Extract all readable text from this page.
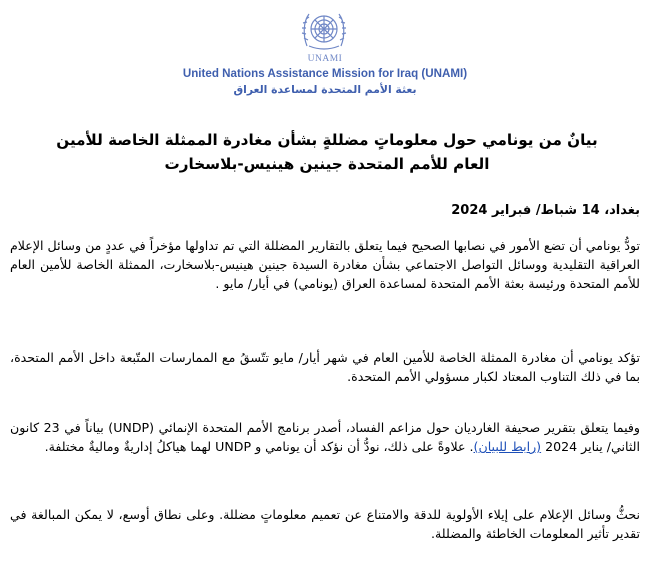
UNAMI
United Nations Assistance Mission for Iraq (UNAMI)
بعثة الأمم المتحدة لمساعدة العراق
بيانٌ من يونامي حول معلوماتٍ مضللةٍ بشأن مغادرة الممثلة الخاصة للأمين العام للأمم المتحدة جينين هينيس-بلاسخارت

بغداد، 14 شباط/ فبراير 2024

تودُّ يونامي أن تضع الأمور في نصابها الصحيح فيما يتعلق بالتقارير المضللة التي تم تداولها مؤخراً في عددٍ من وسائل الإعلام العراقية التقليدية ووسائل التواصل الاجتماعي بشأن مغادرة السيدة جينين هينيس-بلاسخارت، الممثلة الخاصة للأمين العام للأمم المتحدة ورئيسة بعثة الأمم المتحدة لمساعدة العراق (يونامي) في أيار/ مايو .

تؤكد يونامي أن مغادرة الممثلة الخاصة للأمين العام في شهر أيار/ مايو تتّسقُ مع الممارسات المتّبعة داخل الأمم المتحدة، بما في ذلك التناوب المعتاد لكبار مسؤولي الأمم المتحدة.

وفيما يتعلق بتقرير صحيفة الغارديان حول مزاعم الفساد، أصدر برنامج الأمم المتحدة الإنمائي (UNDP) بياناً في 23 كانون الثاني/ يناير 2024 (رابط للبيان). علاوةً على ذلك، نودُّ أن نؤكد أن يونامي و UNDP لهما هياكلُ إداريةٌ وماليةٌ مختلفة.

نحثُّ وسائل الإعلام على إيلاء الأولوية للدقة والامتناع عن تعميم معلوماتٍ مضللة. وعلى نطاق أوسع، لا يمكن المبالغة في تقدير تأثير المعلومات الخاطئة والمضللة.
